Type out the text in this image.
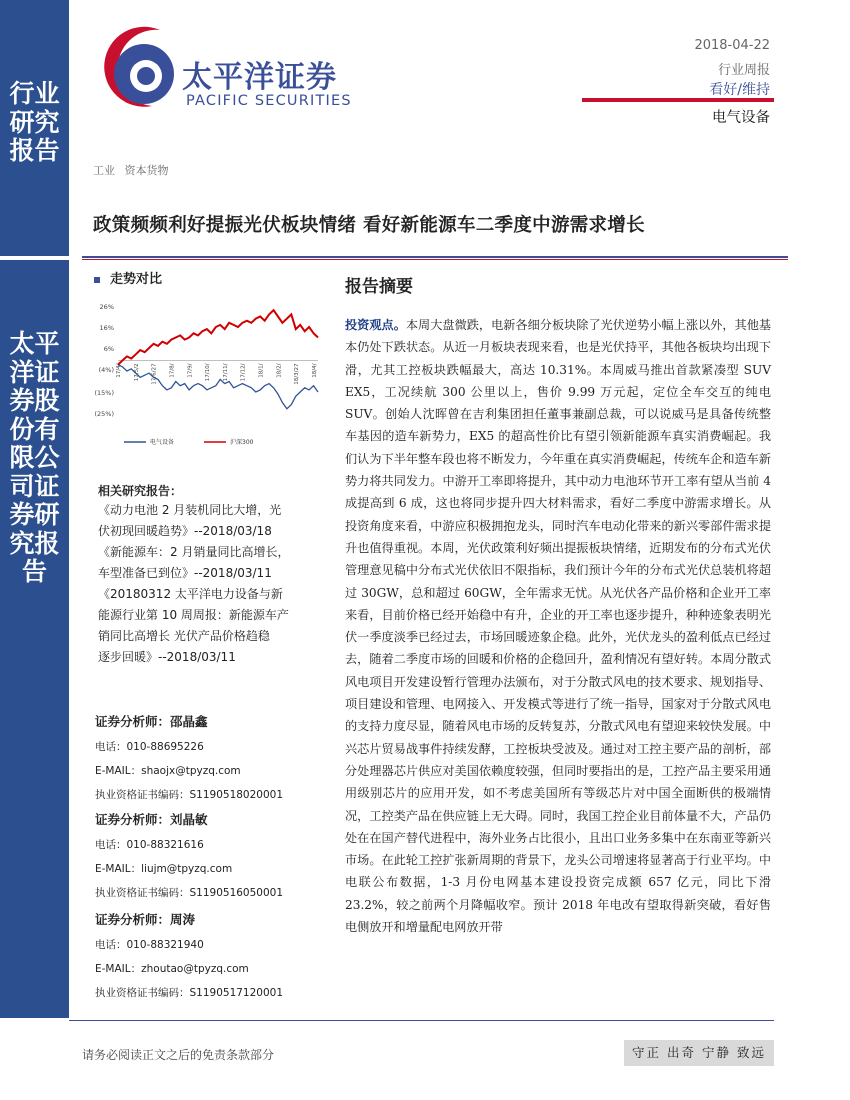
行业研究报告
太平洋证券股份有限公司证券研究报告
太平洋证券
PACIFIC SECURITIES
2018-04-22
行业周报
看好/维持
电气设备
工业 资本货物
政策频频利好提振光伏板块情绪 看好新能源车二季度中游需求增长
走势对比
26%
16%
6%
(4%)
(15%)
(25%)
17/4/ 17/5/2 17/6/27 17/8/ 17/9/ 17/10/ 17/11/ 17/12/ 18/1/ 18/2/ 18/3/27 18/4/
电气设备	沪深300
相关研究报告：
《动力电池 2 月装机同比大增，光
伏初现回暖趋势》--2018/03/18
《新能源车：2 月销量同比高增长，
车型准备已到位》--2018/03/11
《20180312 太平洋电力设备与新
能源行业第 10 周周报：新能源车产
销同比高增长 光伏产品价格趋稳
逐步回暖》--2018/03/11
证券分析师：邵晶鑫
电话：010-88695226
E-MAIL：shaojx@tpyzq.com
执业资格证书编码：S1190518020001
证券分析师：刘晶敏
电话：010-88321616
E-MAIL：liujm@tpyzq.com
执业资格证书编码：S1190516050001
证券分析师：周涛
电话：010-88321940
E-MAIL：zhoutao@tpyzq.com
执业资格证书编码：S1190517120001
报告摘要
投资观点。本周大盘微跌，电新各细分板块除了光伏逆势小幅上涨以外，其他基本仍处下跌状态。从近一月板块表现来看，也是光伏持平，其他各板块均出现下滑，尤其工控板块跌幅最大，高达 10.31%。本周威马推出首款紧凑型 SUV EX5，工况续航 300 公里以上，售价 9.99 万元起，定位全车交互的纯电 SUV。创始人沈晖曾在吉利集团担任董事兼副总裁，可以说威马是具备传统整车基因的造车新势力，EX5 的超高性价比有望引领新能源车真实消费崛起。我们认为下半年整车段也将不断发力，今年重在真实消费崛起，传统车企和造车新势力将共同发力。中游开工率即将提升，其中动力电池环节开工率有望从当前 4 成提高到 6 成，这也将同步提升四大材料需求，看好二季度中游需求增长。从投资角度来看，中游应积极拥抱龙头，同时汽车电动化带来的新兴零部件需求提升也值得重视。本周，光伏政策利好频出提振板块情绪，近期发布的分布式光伏管理意见稿中分布式光伏依旧不限指标，我们预计今年的分布式光伏总装机将超过 30GW，总和超过 60GW，全年需求无忧。从光伏各产品价格和企业开工率来看，目前价格已经开始稳中有升，企业的开工率也逐步提升，种种迹象表明光伏一季度淡季已经过去，市场回暖迹象企稳。此外，光伏龙头的盈利低点已经过去，随着二季度市场的回暖和价格的企稳回升，盈利情况有望好转。本周分散式风电项目开发建设暂行管理办法颁布，对于分散式风电的技术要求、规划指导、项目建设和管理、电网接入、开发模式等进行了统一指导，国家对于分散式风电的支持力度尽显，随着风电市场的反转复苏，分散式风电有望迎来较快发展。中兴芯片贸易战事件持续发酵，工控板块受波及。通过对工控主要产品的剖析，部分处理器芯片供应对美国依赖度较强，但同时要指出的是，工控产品主要采用通用级别芯片的应用开发，如不考虑美国所有等级芯片对中国全面断供的极端情况，工控类产品在供应链上无大碍。同时，我国工控企业目前体量不大，产品仍处在在国产替代进程中，海外业务占比很小，且出口业务多集中在东南亚等新兴市场。在此轮工控扩张新周期的背景下，龙头公司增速将显著高于行业平均。中电联公布数据，1-3 月份电网基本建设投资完成额 657 亿元，同比下滑 23.2%，较之前两个月降幅收窄。预计 2018 年电改有望取得新突破，看好售电侧放开和增量配电网放开带
请务必阅读正文之后的免责条款部分	守正 出奇 宁静 致远
